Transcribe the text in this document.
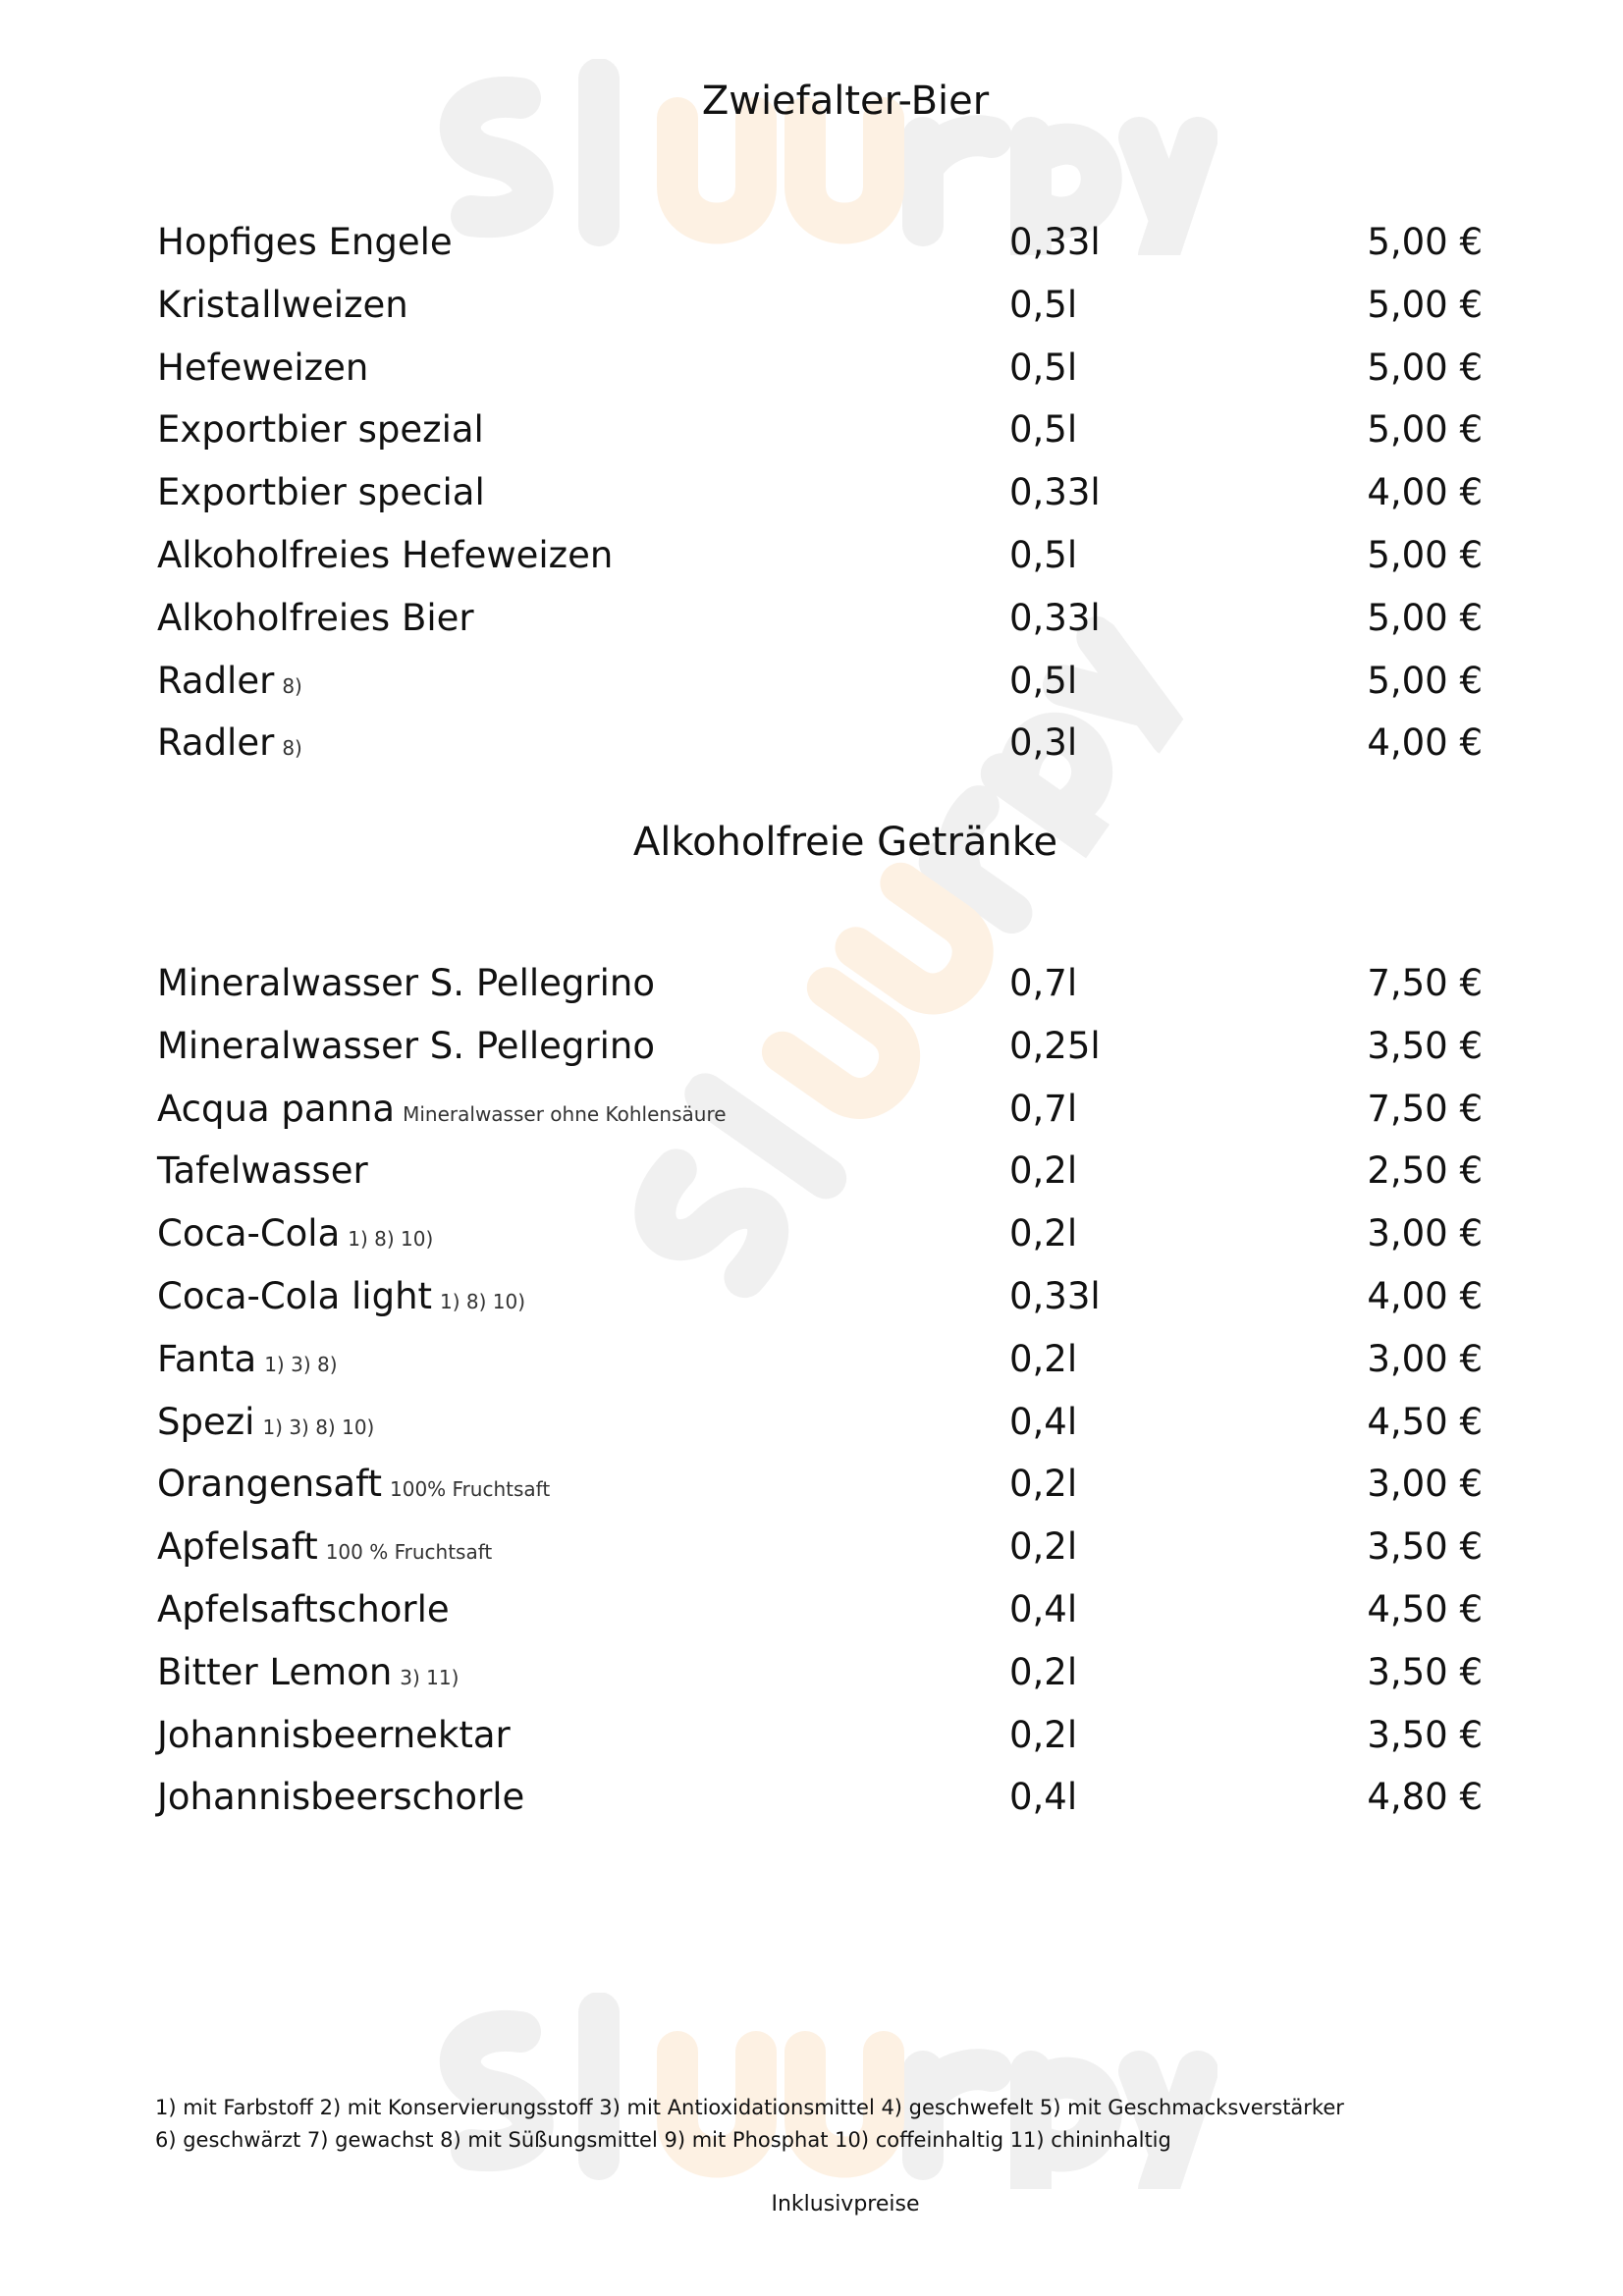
Zwiefalter-Bier
Hopfiges Engele	0,33l	5,00 €
Kristallweizen	0,5l	5,00 €
Hefeweizen	0,5l	5,00 €
Exportbier spezial	0,5l	5,00 €
Exportbier special	0,33l	4,00 €
Alkoholfreies Hefeweizen	0,5l	5,00 €
Alkoholfreies Bier	0,33l	5,00 €
Radler 8)	0,5l	5,00 €
Radler 8)	0,3l	4,00 €
Alkoholfreie Getränke
Mineralwasser S. Pellegrino	0,7l	7,50 €
Mineralwasser S. Pellegrino	0,25l	3,50 €
Acqua panna Mineralwasser ohne Kohlensäure	0,7l	7,50 €
Tafelwasser	0,2l	2,50 €
Coca-Cola 1) 8) 10)	0,2l	3,00 €
Coca-Cola light 1) 8) 10)	0,33l	4,00 €
Fanta 1) 3) 8)	0,2l	3,00 €
Spezi 1) 3) 8) 10)	0,4l	4,50 €
Orangensaft 100% Fruchtsaft	0,2l	3,00 €
Apfelsaft 100 % Fruchtsaft	0,2l	3,50 €
Apfelsaftschorle	0,4l	4,50 €
Bitter Lemon 3) 11)	0,2l	3,50 €
Johannisbeernektar	0,2l	3,50 €
Johannisbeerschorle	0,4l	4,80 €
1) mit Farbstoff 2) mit Konservierungsstoff 3) mit Antioxidationsmittel 4) geschwefelt 5) mit Geschmacksverstärker
6) geschwärzt 7) gewachst 8) mit Süßungsmittel 9) mit Phosphat 10) coffeinhaltig 11) chininhaltig
Inklusivpreise
